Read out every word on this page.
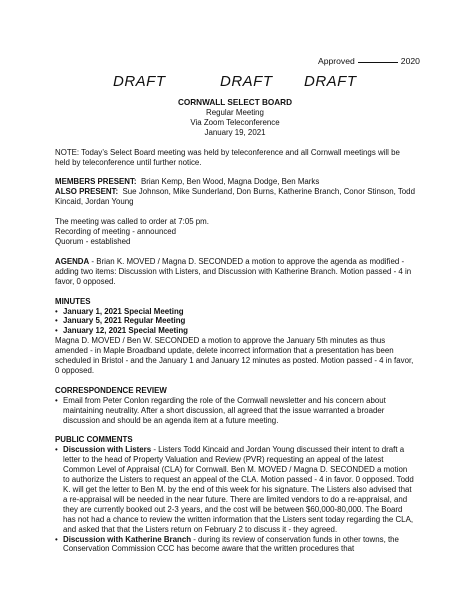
Approved	2020
DRAFT	DRAFT DRAFT
CORNWALL SELECT BOARD
Regular Meeting
Via Zoom Teleconference
January 19, 2021

NOTE: Today’s Select Board meeting was held by teleconference and all Cornwall meetings will be held by teleconference until further notice.

MEMBERS PRESENT: Brian Kemp, Ben Wood, Magna Dodge, Ben Marks

ALSO PRESENT: Sue Johnson, Mike Sunderland, Don Burns, Katherine Branch, Conor Stinson, Todd Kincaid, Jordan Young

The meeting was called to order at 7:05 pm.

Recording of meeting - announced

Quorum - established

AGENDA - Brian K. MOVED / Magna D. SECONDED a motion to approve the agenda as modified - adding two items: Discussion with Listers, and Discussion with Katherine Branch. Motion passed - 4 in favor, 0 opposed.

MINUTES
• January 1, 2021 Special Meeting
• January 5, 2021 Regular Meeting
• January 12, 2021 Special Meeting

Magna D. MOVED / Ben W. SECONDED a motion to approve the January 5th minutes as thus amended - in Maple Broadband update, delete incorrect information that a presentation has been scheduled in Bristol - and the January 1 and January 12 minutes as posted. Motion passed - 4 in favor, 0 opposed.

CORRESPONDENCE REVIEW
• Email from Peter Conlon regarding the role of the Cornwall newsletter and his concern about maintaining neutrality. After a short discussion, all agreed that the issue warranted a broader discussion and should be an agenda item at a future meeting.
PUBLIC COMMENTS
• Discussion with Listers - Listers Todd Kincaid and Jordan Young discussed their intent to draft a letter to the head of Property Valuation and Review (PVR) requesting an appeal of the latest Common Level of Appraisal (CLA) for Cornwall. Ben M. MOVED / Magna D. SECONDED a motion to authorize the Listers to request an appeal of the CLA. Motion passed - 4 in favor. 0 opposed. Todd K. will get the letter to Ben M. by the end of this week for his signature. The Listers also advised that a re-appraisal will be needed in the near future. There are limited vendors to do a re-appraisal, and they are currently booked out 2-3 years, and the cost will be between $60,000-80,000. The Board has not had a chance to review the written information that the Listers sent today regarding the CLA, and asked that that the Listers return on February 2 to discuss it - they agreed.
• Discussion with Katherine Branch - during its review of conservation funds in other towns, the Conservation Commission CCC has become aware that the written procedures that
